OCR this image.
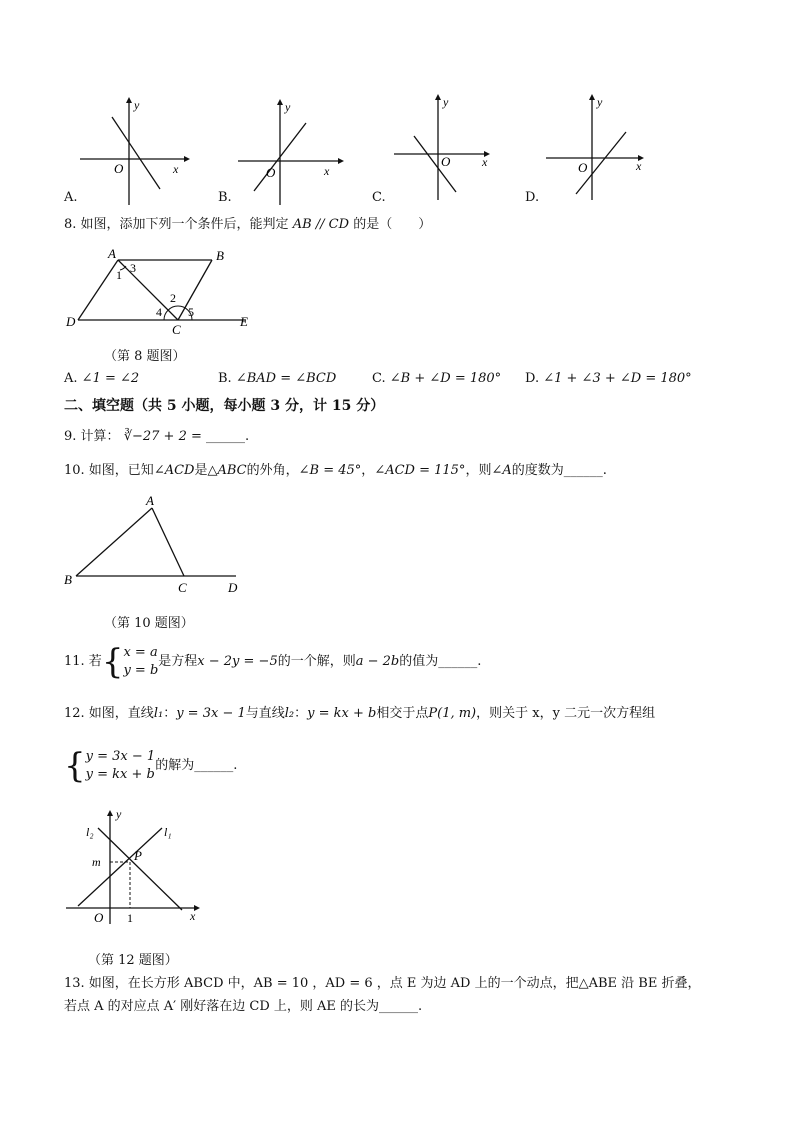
y
x
O
A.
y
x
O
B.
y
x
O
C.
y
x
O
D.
8. 如图，添加下列一个条件后，能判定 AB // CD 的是（　　）
A	B
C
D	E
1
2
3
4 5
（第 8 题图）
A. ∠1 = ∠2	B. ∠BAD = ∠BCD	C. ∠B + ∠D = 180° D. ∠1 + ∠3 + ∠D = 180°
二、填空题（共 5 小题，每小题 3 分，计 15 分）
9. 计算： ∛−27 + 2 = ______.
10. 如图，已知∠ACD是△ABC的外角，∠B = 45°，∠ACD = 115°，则∠A的度数为______.
A
B
C	D
（第 10 题图）
11. 若 { x = a
y = b
是方程 x − 2y = −5 的一个解，则 a − 2b 的值为______.
12. 如图，直线l₁：y = 3x − 1与直线l₂：y = kx + b相交于点P(1, m)，则关于 x，y 二元一次方程组
{ y = 3x − 1
y = kx + b
的解为______.
y
x
O
m	P
1
l₁
l₂
（第 12 题图）
13. 如图，在长方形 ABCD 中，AB = 10 ，AD = 6 ，点 E 为边 AD 上的一个动点，把△ABE 沿 BE 折叠，
若点 A 的对应点 A′ 刚好落在边 CD 上，则 AE 的长为______.
